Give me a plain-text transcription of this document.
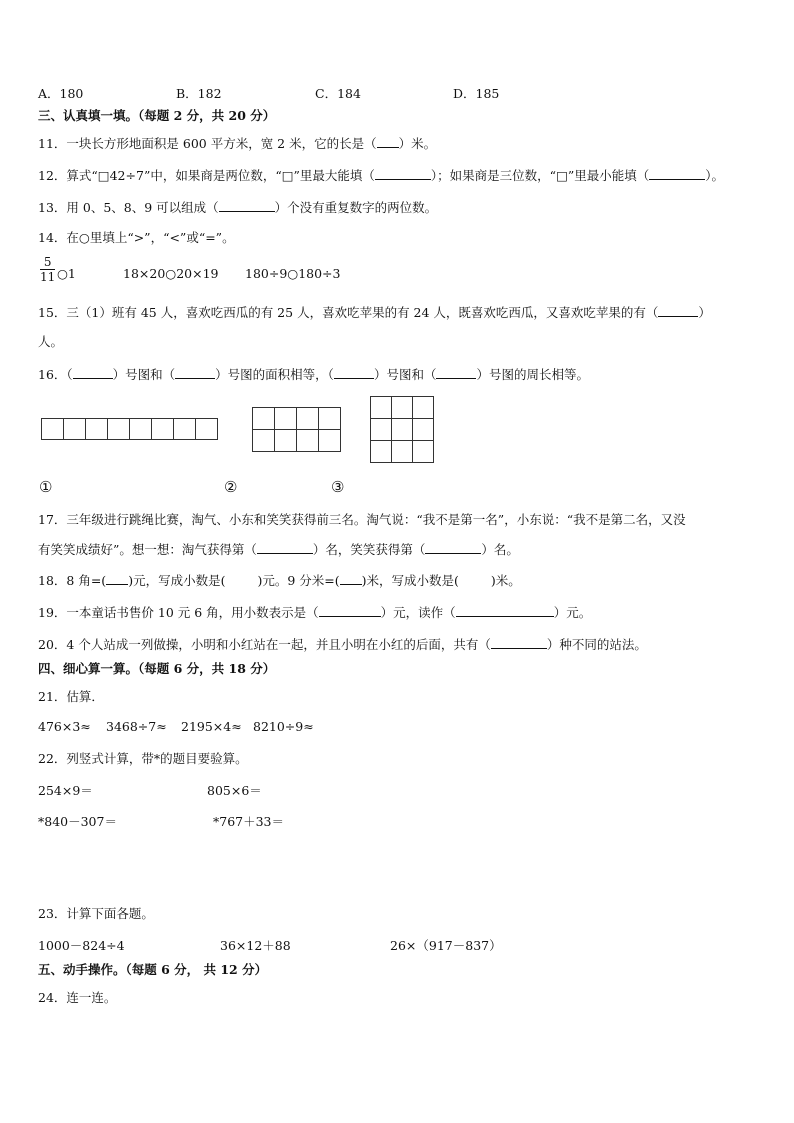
A．180	B．182	C．184	D．185
三、认真填一填。（每题 2 分，共 20 分）
11．一块长方形地面积是 600 平方米，宽 2 米，它的长是（ ）米。
12．算式“□42÷7”中，如果商是两位数，“□”里最大能填（	）；如果商是三位数，“□”里最小能填（	）。
13．用 0、5、8、9 可以组成（	）个没有重复数字的两位数。
14．在○里填上“>”，“<”或“=”。
$\frac{5}{11}$ ○1	18×20○20×19 180÷9○180÷3
15．三（1）班有 45 人，喜欢吃西瓜的有 25 人，喜欢吃苹果的有 24 人，既喜欢吃西瓜，又喜欢吃苹果的有（	）
人。
16．（	）号图和（	）号图的面积相等，（	）号图和（	）号图的周长相等。

①	②	③
17．三年级进行跳绳比赛，淘气、小东和笑笑获得前三名。淘气说：“我不是第一名”，小东说：“我不是第二名，又没
有笑笑成绩好”。想一想：淘气获得第（	）名，笑笑获得第（	）名。
18．8 角=( )元，写成小数是(	)元。9 分米=( )米，写成小数是(	)米。
19．一本童话书售价 10 元 6 角，用小数表示是（	）元，读作（	）元。
20．4 个人站成一列做操，小明和小红站在一起，并且小明在小红的后面，共有（	）种不同的站法。
四、细心算一算。（每题 6 分，共 18 分）
21．估算．
476×3≈ 3468÷7≈ 2195×4≈ 8210÷9≈
22．列竖式计算，带*的题目要验算。
254×9＝	805×6＝
*840－307＝	*767＋33＝
23．计算下面各题。
1000－824÷4	36×12＋88	26×（917－837）
五、动手操作。（每题 6 分， 共 12 分）
24．连一连。
